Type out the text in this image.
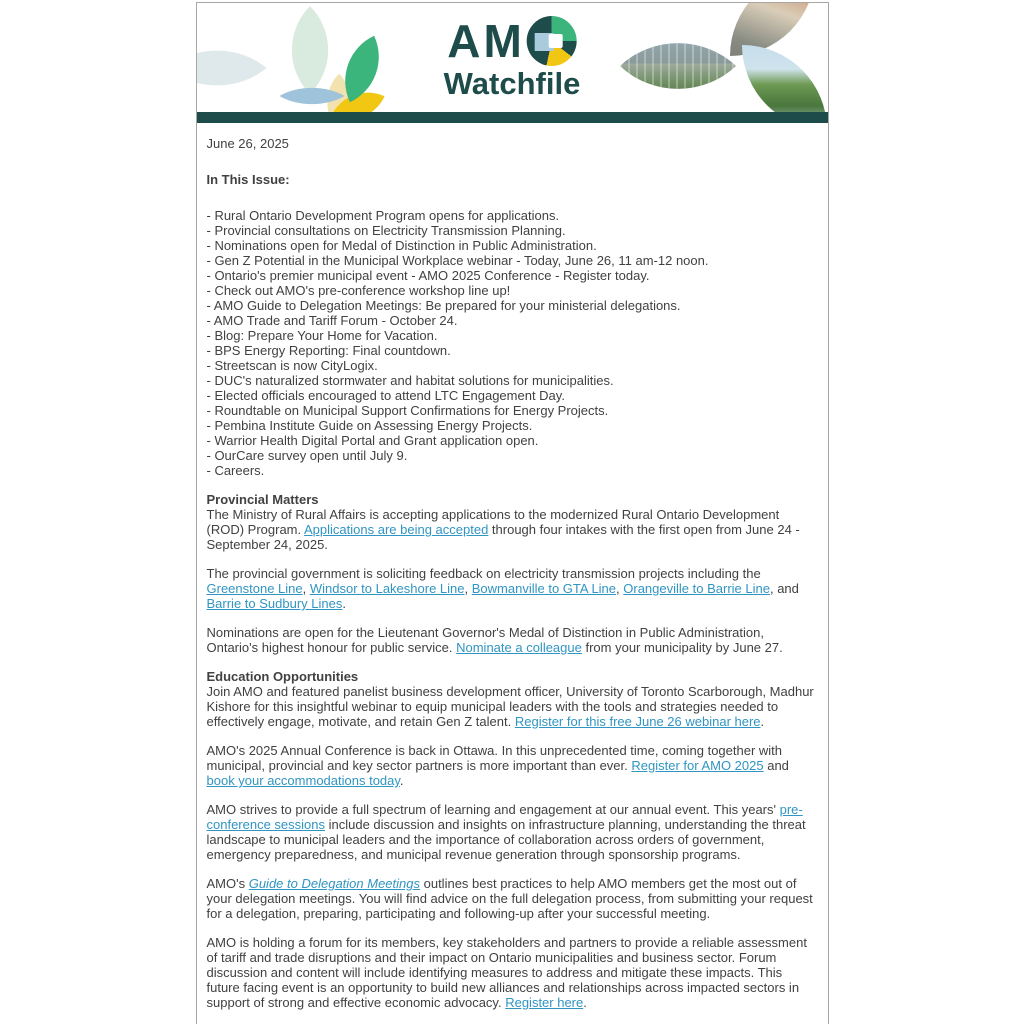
AM
Watchfile
June 26, 2025
In This Issue:
- Rural Ontario Development Program opens for applications.
- Provincial consultations on Electricity Transmission Planning.
- Nominations open for Medal of Distinction in Public Administration.
- Gen Z Potential in the Municipal Workplace webinar - Today, June 26, 11 am-12 noon.
- Ontario's premier municipal event - AMO 2025 Conference - Register today.
- Check out AMO's pre-conference workshop line up!
- AMO Guide to Delegation Meetings: Be prepared for your ministerial delegations.
- AMO Trade and Tariff Forum - October 24.
- Blog: Prepare Your Home for Vacation.
- BPS Energy Reporting: Final countdown.
- Streetscan is now CityLogix.
- DUC's naturalized stormwater and habitat solutions for municipalities.
- Elected officials encouraged to attend LTC Engagement Day.
- Roundtable on Municipal Support Confirmations for Energy Projects.
- Pembina Institute Guide on Assessing Energy Projects.
- Warrior Health Digital Portal and Grant application open.
- OurCare survey open until July 9.
- Careers.
Provincial Matters

The Ministry of Rural Affairs is accepting applications to the modernized Rural Ontario Development (ROD) Program. Applications are being accepted through four intakes with the first open from June 24 - September 24, 2025.

The provincial government is soliciting feedback on electricity transmission projects including the Greenstone Line, Windsor to Lakeshore Line, Bowmanville to GTA Line, Orangeville to Barrie Line, and Barrie to Sudbury Lines.

Nominations are open for the Lieutenant Governor's Medal of Distinction in Public Administration, Ontario's highest honour for public service. Nominate a colleague from your municipality by June 27.

Education Opportunities

Join AMO and featured panelist business development officer, University of Toronto Scarborough, Madhur Kishore for this insightful webinar to equip municipal leaders with the tools and strategies needed to effectively engage, motivate, and retain Gen Z talent. Register for this free June 26 webinar here.

AMO's 2025 Annual Conference is back in Ottawa. In this unprecedented time, coming together with municipal, provincial and key sector partners is more important than ever. Register for AMO 2025 and book your accommodations today.

AMO strives to provide a full spectrum of learning and engagement at our annual event. This years' pre-conference sessions include discussion and insights on infrastructure planning, understanding the threat landscape to municipal leaders and the importance of collaboration across orders of government, emergency preparedness, and municipal revenue generation through sponsorship programs.

AMO's Guide to Delegation Meetings outlines best practices to help AMO members get the most out of your delegation meetings. You will find advice on the full delegation process, from submitting your request for a delegation, preparing, participating and following-up after your successful meeting.

AMO is holding a forum for its members, key stakeholders and partners to provide a reliable assessment of tariff and trade disruptions and their impact on Ontario municipalities and business sector. Forum discussion and content will include identifying measures to address and mitigate these impacts. This future facing event is an opportunity to build new alliances and relationships across impacted sectors in support of strong and effective economic advocacy. Register here.
